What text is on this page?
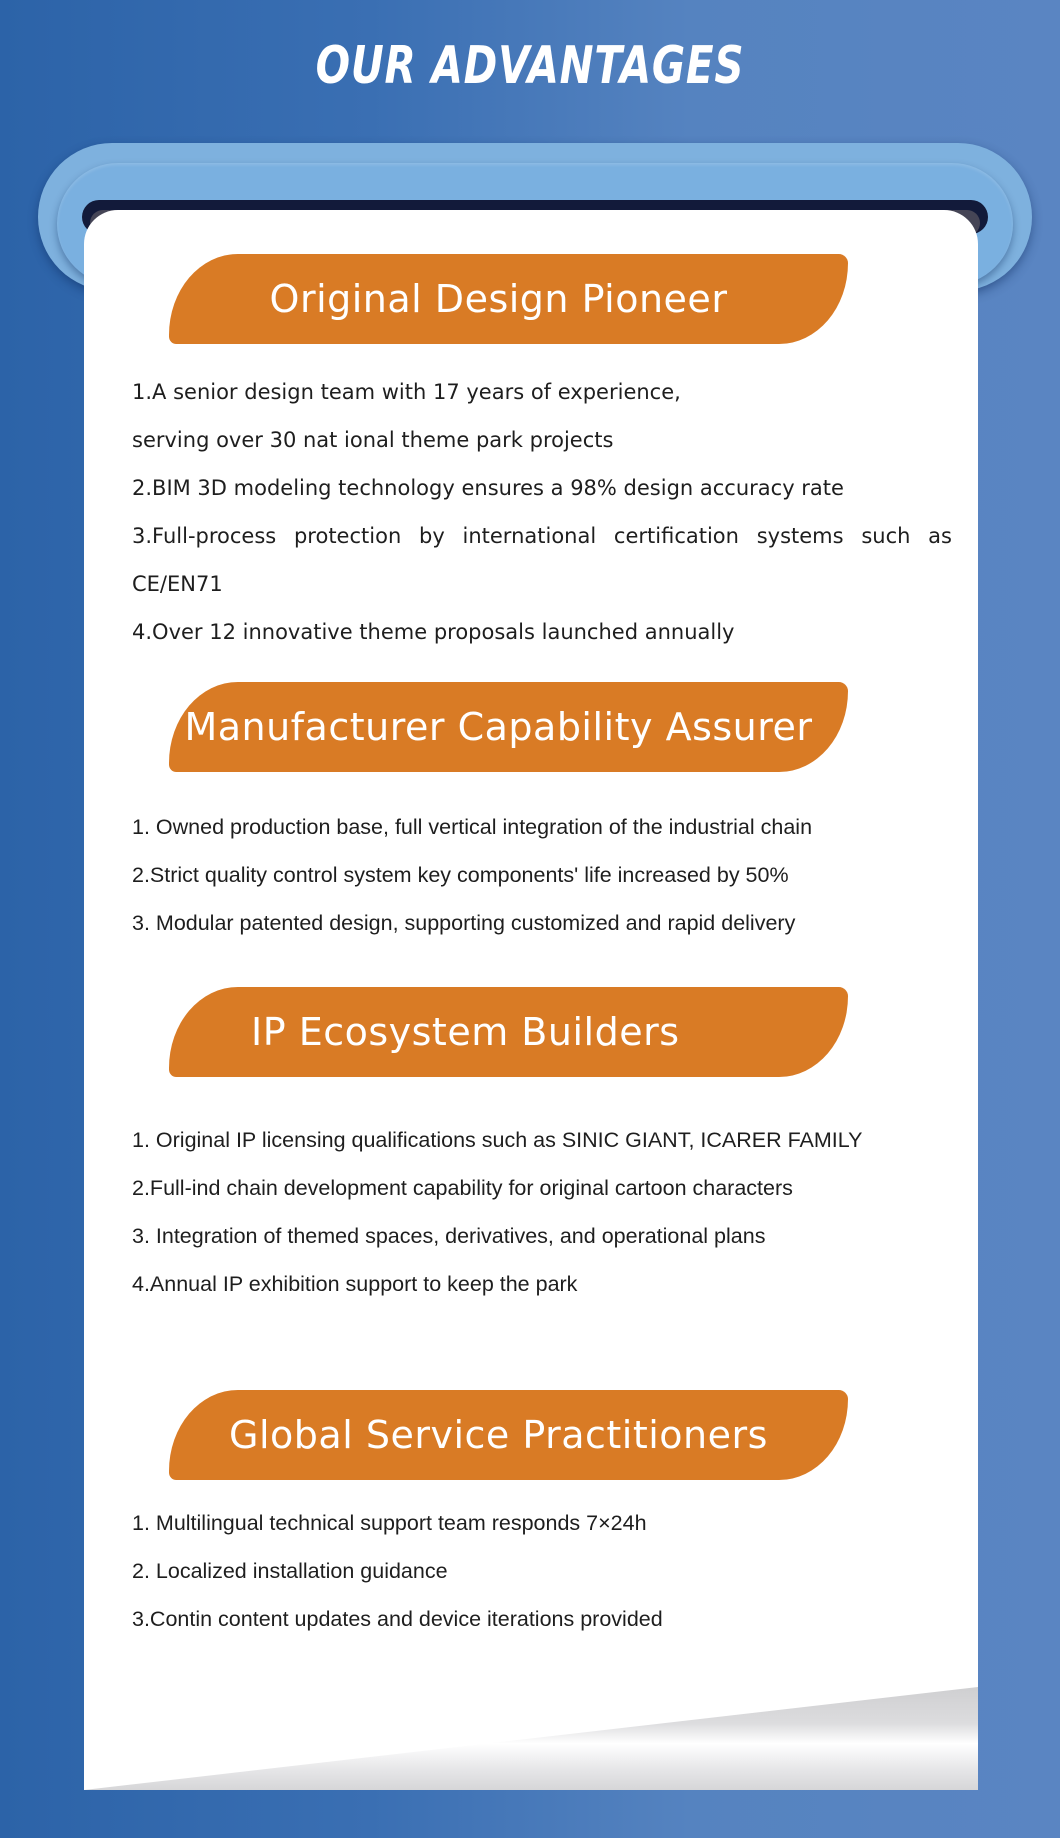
OUR ADVANTAGES
Original Design Pioneer
1.A senior design team with 17 years of experience,
serving over 30 nat ional theme park projects
2.BIM 3D modeling technology ensures a 98% design accuracy rate
3.Full-process protection by international certification systems such as
CE/EN71
4.Over 12 innovative theme proposals launched annually
Manufacturer Capability Assurer
1. Owned production base, full vertical integration of the industrial chain
2.Strict quality control system key components' life increased by 50%
3. Modular patented design, supporting customized and rapid delivery
IP Ecosystem Builders
1. Original IP licensing qualifications such as SINIC GIANT, ICARER FAMILY
2.Full-ind chain development capability for original cartoon characters
3. Integration of themed spaces, derivatives, and operational plans
4.Annual IP exhibition support to keep the park
Global Service Practitioners
1. Multilingual technical support team responds 7×24h
2. Localized installation guidance
3.Contin content updates and device iterations provided
